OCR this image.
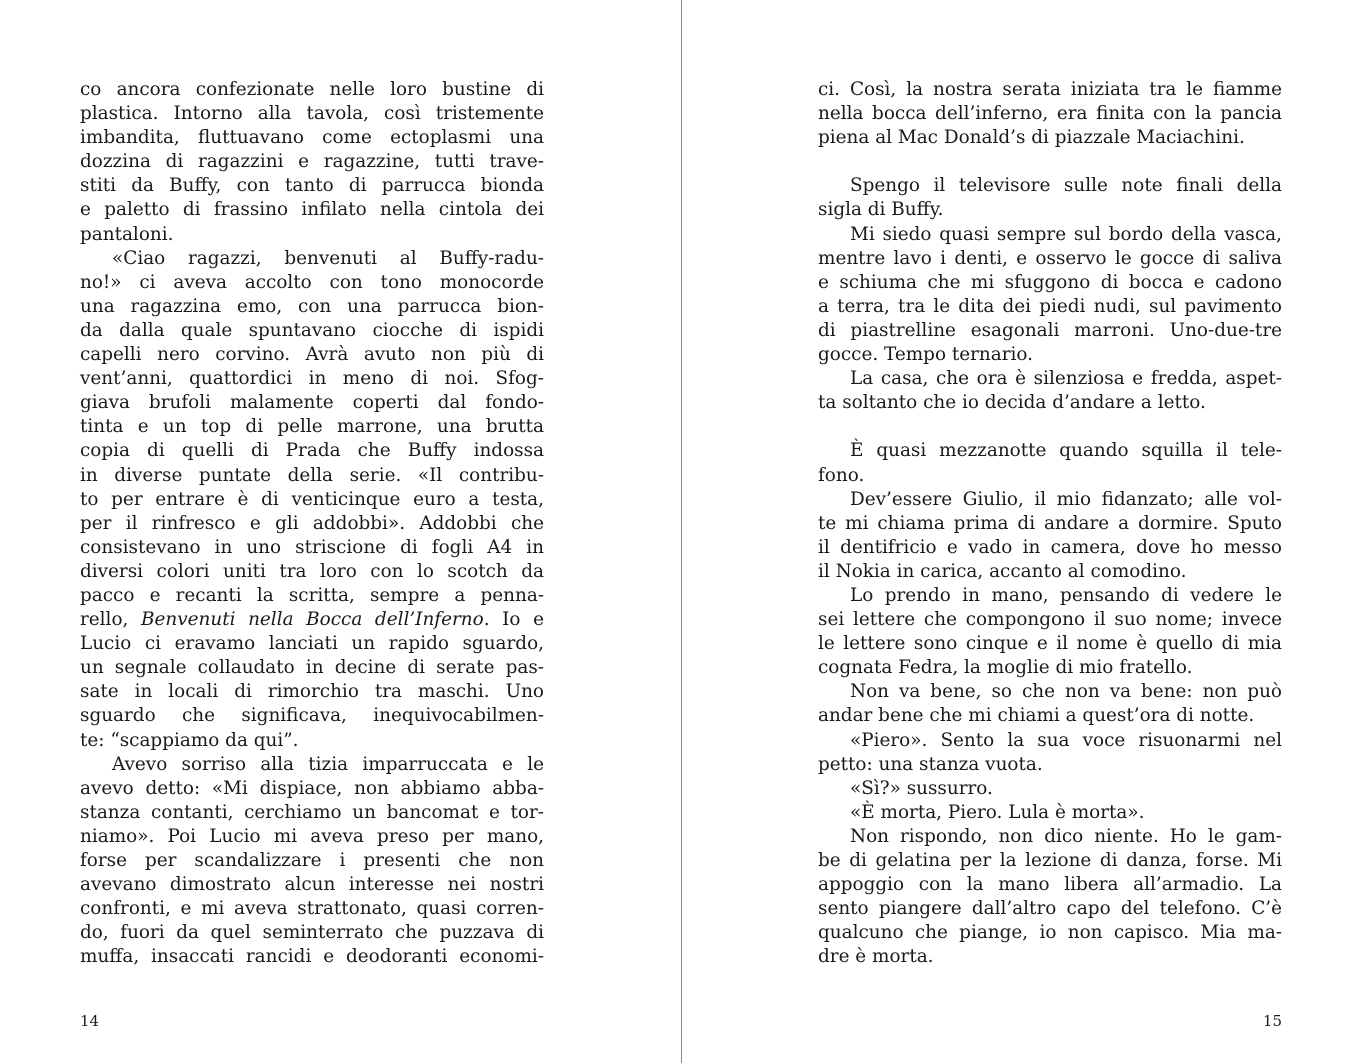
co ancora confezionate nelle loro bustine di
plastica. Intorno alla tavola, così tristemente
imbandita, fluttuavano come ectoplasmi una
dozzina di ragazzini e ragazzine, tutti trave-
stiti da Buffy, con tanto di parrucca bionda
e paletto di frassino infilato nella cintola dei
pantaloni.
«Ciao ragazzi, benvenuti al Buffy-radu-
no!» ci aveva accolto con tono monocorde
una ragazzina emo, con una parrucca bion-
da dalla quale spuntavano ciocche di ispidi
capelli nero corvino. Avrà avuto non più di
vent’anni, quattordici in meno di noi. Sfog-
giava brufoli malamente coperti dal fondo-
tinta e un top di pelle marrone, una brutta
copia di quelli di Prada che Buffy indossa
in diverse puntate della serie. «Il contribu-
to per entrare è di venticinque euro a testa,
per il rinfresco e gli addobbi». Addobbi che
consistevano in uno striscione di fogli A4 in
diversi colori uniti tra loro con lo scotch da
pacco e recanti la scritta, sempre a penna-
rello, Benvenuti nella Bocca dell’Inferno. Io e
Lucio ci eravamo lanciati un rapido sguardo,
un segnale collaudato in decine di serate pas-
sate in locali di rimorchio tra maschi. Uno
sguardo che significava, inequivocabilmen-
te: “scappiamo da qui”.
Avevo sorriso alla tizia imparruccata e le
avevo detto: «Mi dispiace, non abbiamo abba-
stanza contanti, cerchiamo un bancomat e tor-
niamo». Poi Lucio mi aveva preso per mano,
forse per scandalizzare i presenti che non
avevano dimostrato alcun interesse nei nostri
confronti, e mi aveva strattonato, quasi corren-
do, fuori da quel seminterrato che puzzava di
muffa, insaccati rancidi e deodoranti economi-
14
ci. Così, la nostra serata iniziata tra le fiamme
nella bocca dell’inferno, era finita con la pancia
piena al Mac Donald’s di piazzale Maciachini.
Spengo il televisore sulle note finali della
sigla di Buffy.
Mi siedo quasi sempre sul bordo della vasca,
mentre lavo i denti, e osservo le gocce di saliva
e schiuma che mi sfuggono di bocca e cadono
a terra, tra le dita dei piedi nudi, sul pavimento
di piastrelline esagonali marroni. Uno-due-tre
gocce. Tempo ternario.
La casa, che ora è silenziosa e fredda, aspet-
ta soltanto che io decida d’andare a letto.
È quasi mezzanotte quando squilla il tele-
fono.
Dev’essere Giulio, il mio fidanzato; alle vol-
te mi chiama prima di andare a dormire. Sputo
il dentifricio e vado in camera, dove ho messo
il Nokia in carica, accanto al comodino.
Lo prendo in mano, pensando di vedere le
sei lettere che compongono il suo nome; invece
le lettere sono cinque e il nome è quello di mia
cognata Fedra, la moglie di mio fratello.
Non va bene, so che non va bene: non può
andar bene che mi chiami a quest’ora di notte.
«Piero». Sento la sua voce risuonarmi nel
petto: una stanza vuota.
«Sì?» sussurro.
«È morta, Piero. Lula è morta».
Non rispondo, non dico niente. Ho le gam-
be di gelatina per la lezione di danza, forse. Mi
appoggio con la mano libera all’armadio. La
sento piangere dall’altro capo del telefono. C’è
qualcuno che piange, io non capisco. Mia ma-
dre è morta.
15
